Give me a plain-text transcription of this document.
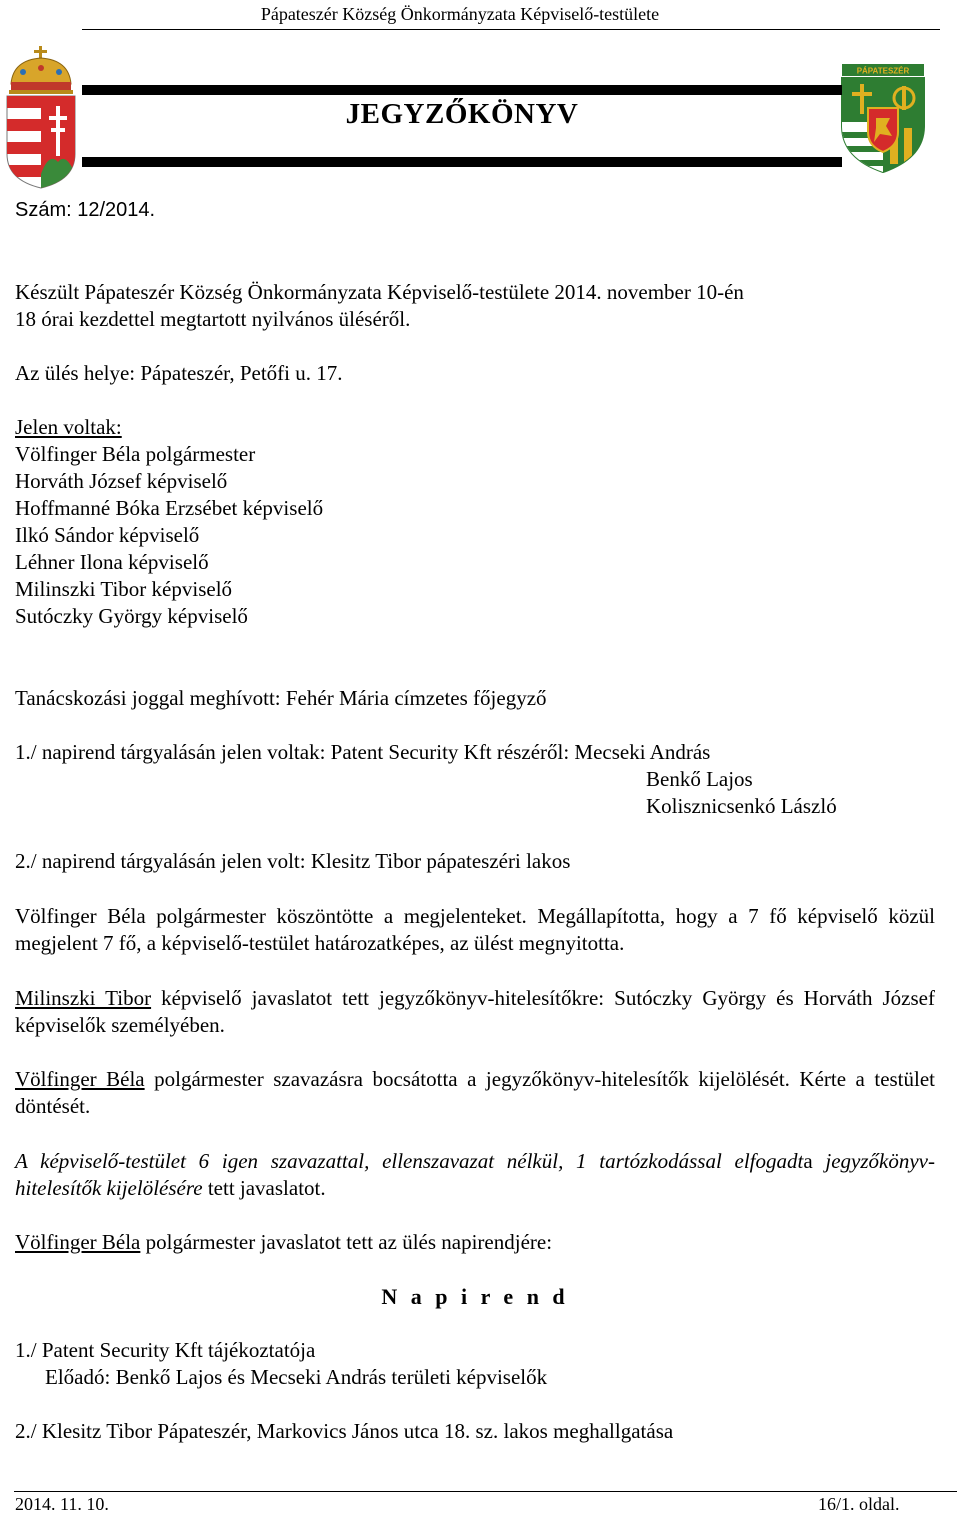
Pápateszér Község Önkormányzata Képviselő-testülete
PÁPATESZÉR
JEGYZŐKÖNYV
Szám: 12/2014.
Készült Pápateszér Község Önkormányzata Képviselő-testülete 2014. november 10-én
18 órai kezdettel megtartott nyilvános üléséről.
Az ülés helye: Pápateszér, Petőfi u. 17.
Jelen voltak:
Völfinger Béla polgármester
Horváth József képviselő
Hoffmanné Bóka Erzsébet képviselő
Ilkó Sándor képviselő
Léhner Ilona képviselő
Milinszki Tibor képviselő
Sutóczky György képviselő
Tanácskozási joggal meghívott: Fehér Mária címzetes főjegyző
1./ napirend tárgyalásán jelen voltak: Patent Security Kft részéről: Mecseki András
Benkő Lajos
Kolisznicsenkó László
2./ napirend tárgyalásán jelen volt: Klesitz Tibor pápateszéri lakos
Völfinger Béla polgármester köszöntötte a megjelenteket. Megállapította, hogy a 7 fő képviselő közül megjelent 7 fő, a képviselő-testület határozatképes, az ülést megnyitotta.
Milinszki Tibor képviselő javaslatot tett jegyzőkönyv-hitelesítőkre: Sutóczky György és Horváth József képviselők személyében.
Völfinger Béla polgármester szavazásra bocsátotta a jegyzőkönyv-hitelesítők kijelölését. Kérte a testület döntését.
A képviselő-testület 6 igen szavazattal, ellenszavazat nélkül, 1 tartózkodással elfogadta jegyzőkönyv-hitelesítők kijelölésére tett javaslatot.
Völfinger Béla polgármester javaslatot tett az ülés napirendjére:
N a p i r e n d
1./ Patent Security Kft tájékoztatója
Előadó: Benkő Lajos és Mecseki András területi képviselők
2./ Klesitz Tibor Pápateszér, Markovics János utca 18. sz. lakos meghallgatása
2014. 11. 10.	16/1. oldal.
